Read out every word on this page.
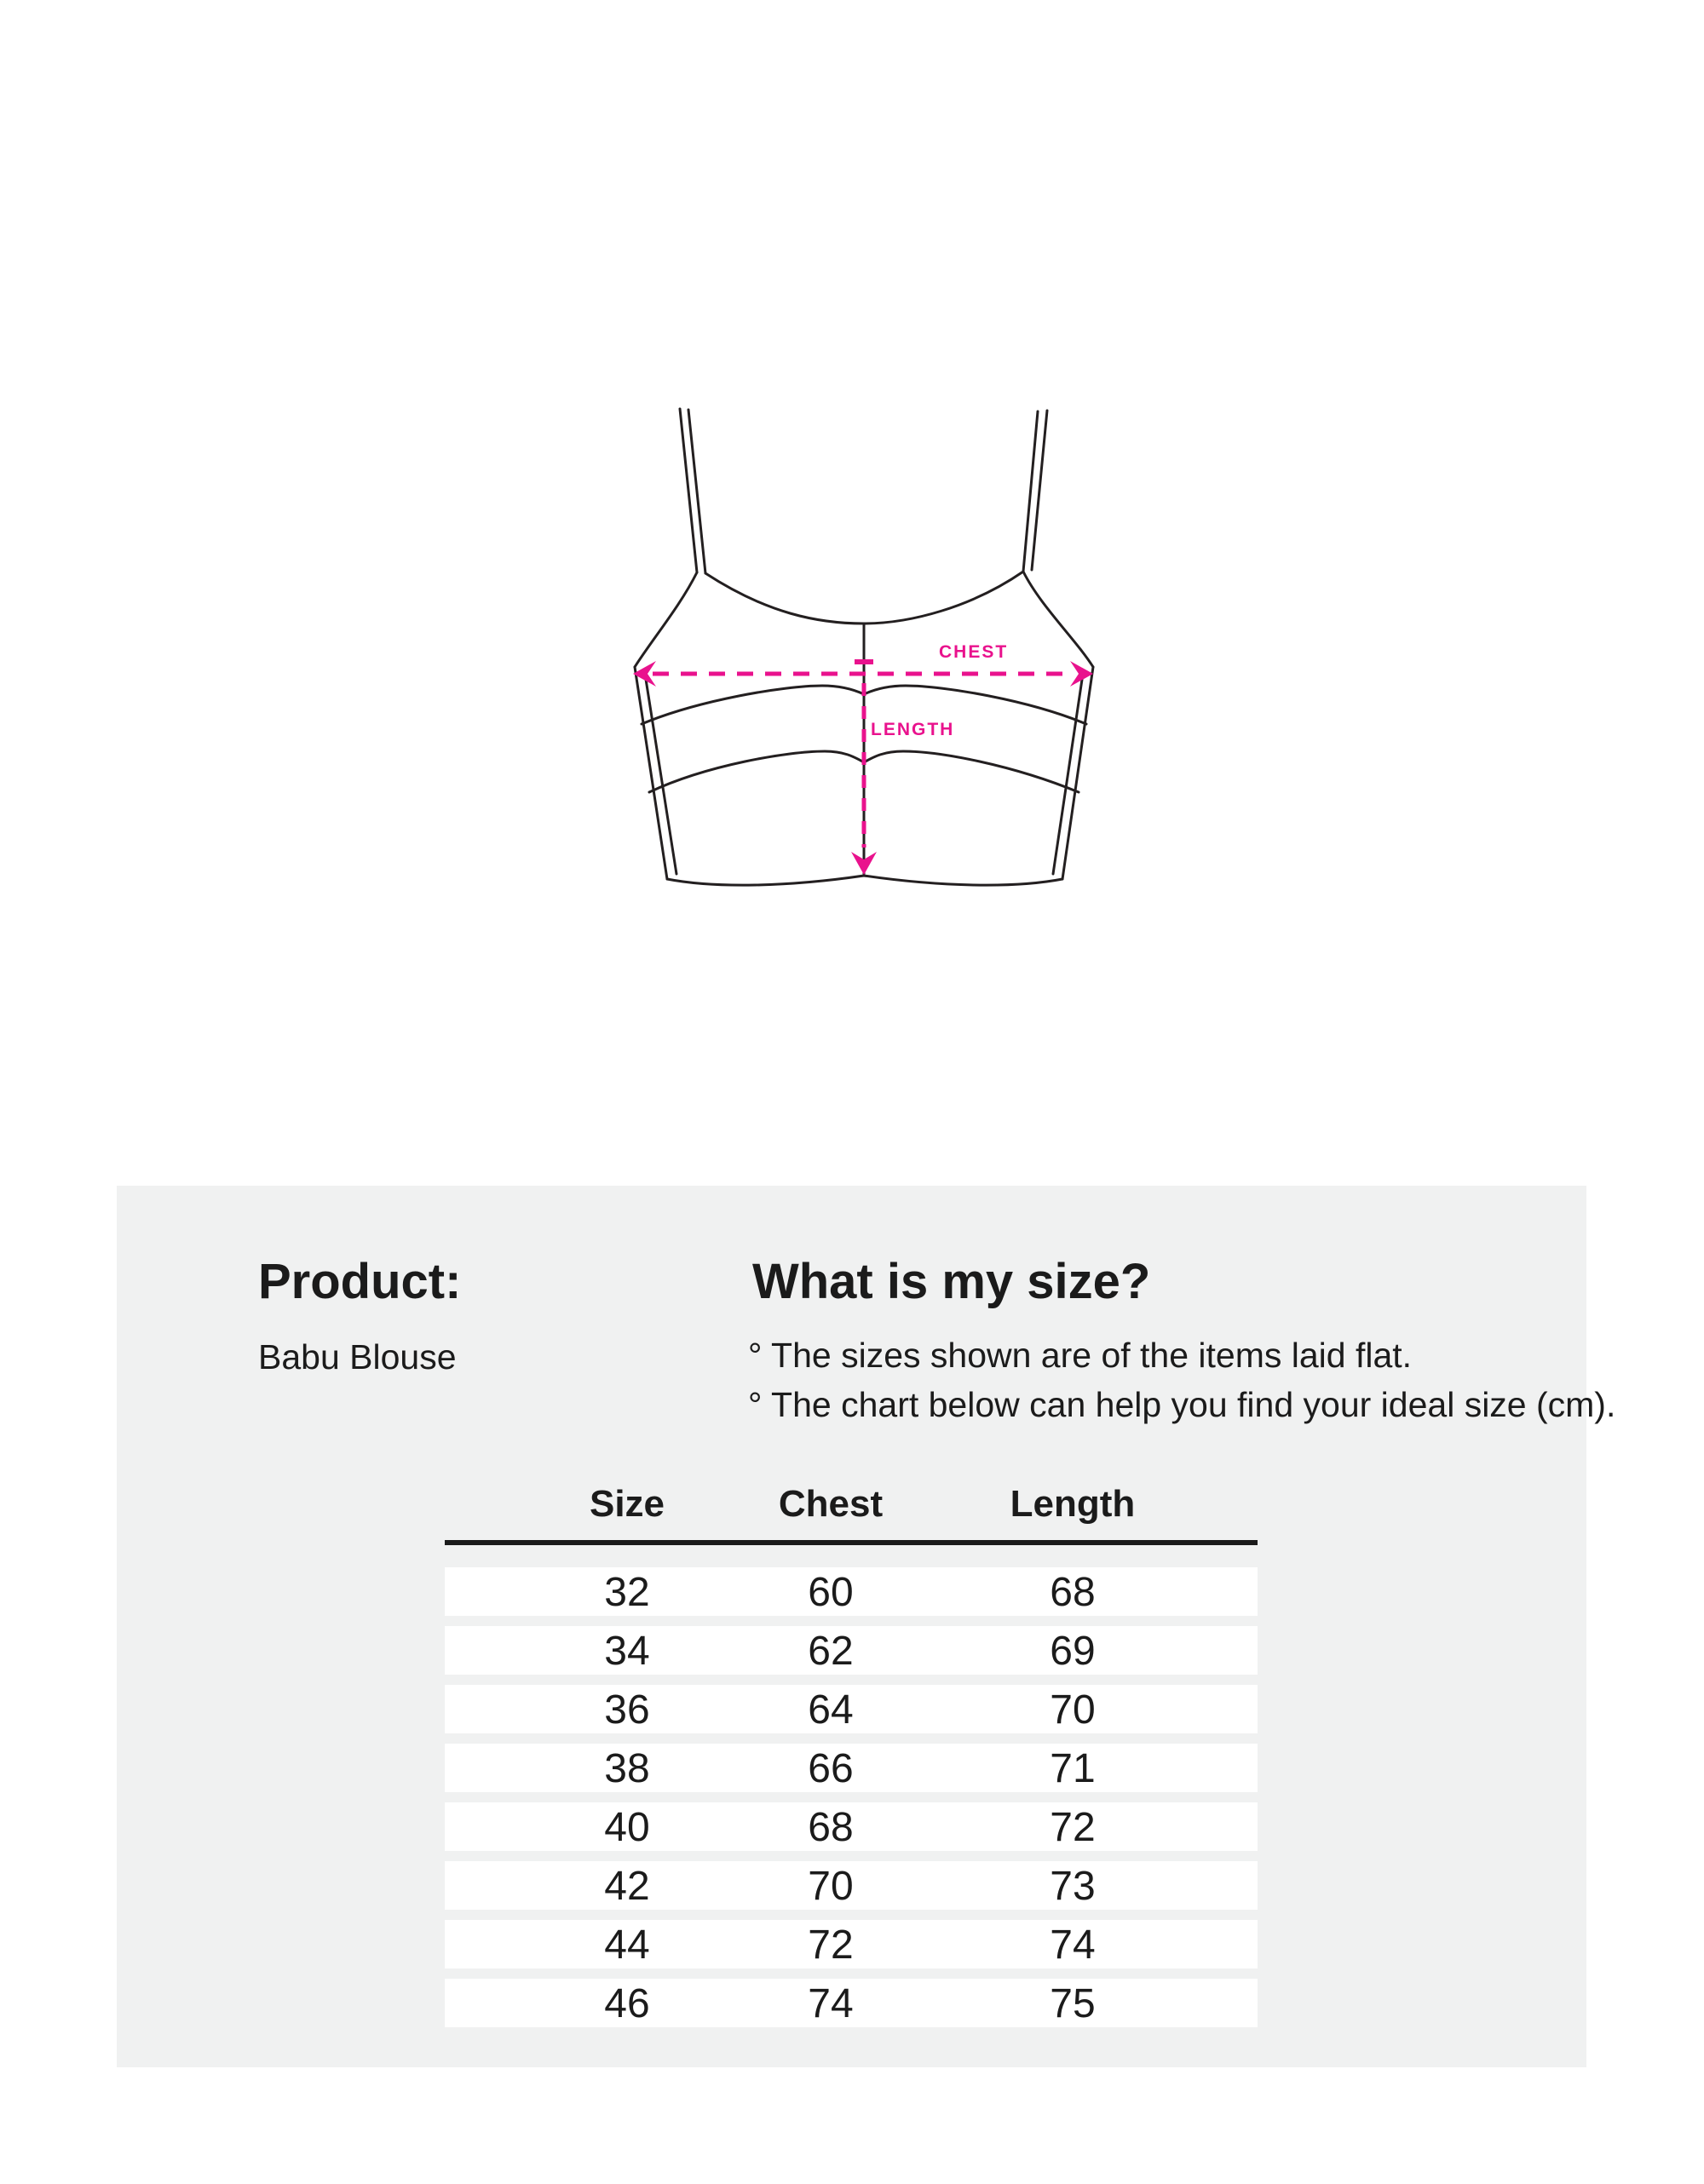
CHEST
LENGTH
Product:
Babu Blouse
What is my size?
° The sizes shown are of the items laid flat.
° The chart below can help you find your ideal size (cm).
Size	Chest	Length
32	60	68
34	62	69
36	64	70
38	66	71
40	68	72
42	70	73
44	72	74
46	74	75
